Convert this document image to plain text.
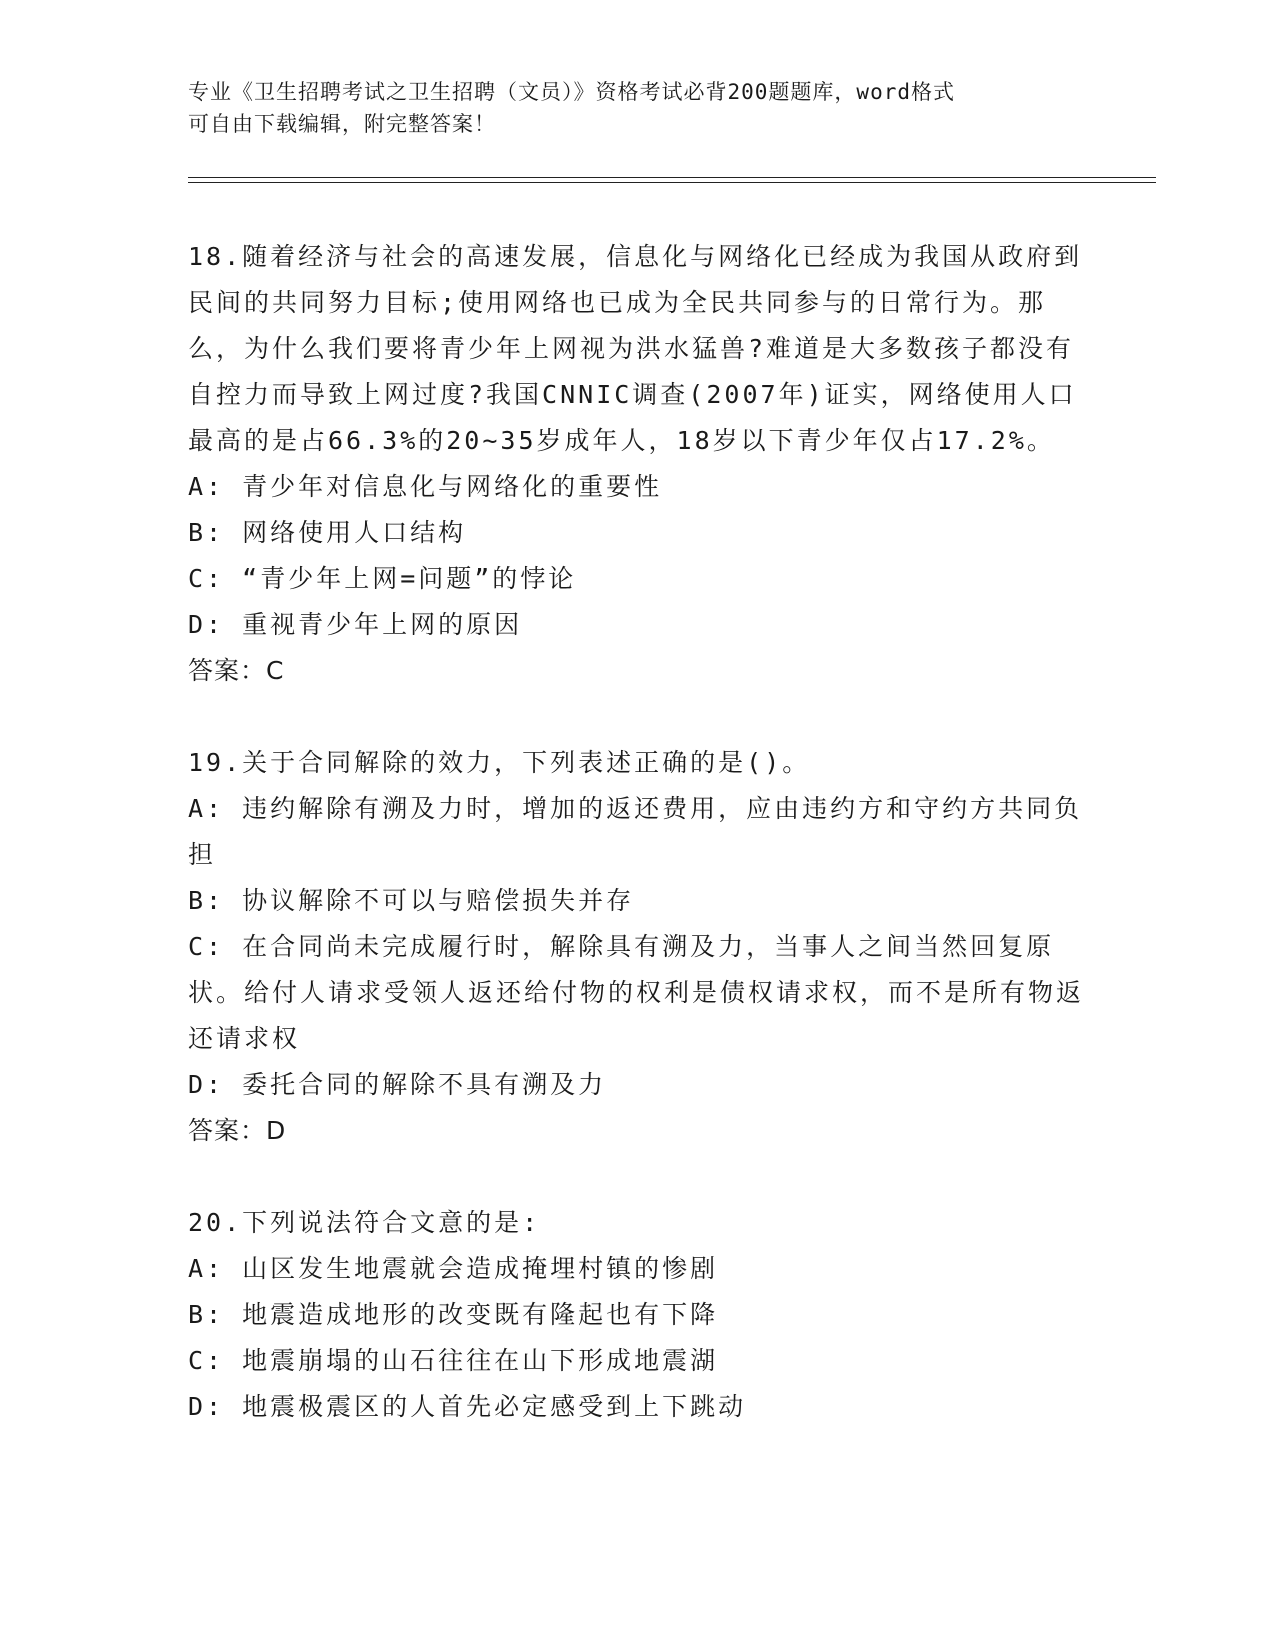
专业《卫生招聘考试之卫生招聘（文员）》资格考试必背200题题库，word格式
可自由下载编辑，附完整答案！

18.随着经济与社会的高速发展，信息化与网络化已经成为我国从政府到民间的共同努力目标;使用网络也已成为全民共同参与的日常行为。那么，为什么我们要将青少年上网视为洪水猛兽?难道是大多数孩子都没有自控力而导致上网过度?我国CNNIC调查(2007年)证实，网络使用人口最高的是占66.3%的20~35岁成年人，18岁以下青少年仅占17.2%。

A: 青少年对信息化与网络化的重要性

B: 网络使用人口结构

C: “青少年上网=问题”的悖论

D: 重视青少年上网的原因

答案：C

19.关于合同解除的效力，下列表述正确的是()。

A: 违约解除有溯及力时，增加的返还费用，应由违约方和守约方共同负担

B: 协议解除不可以与赔偿损失并存

C: 在合同尚未完成履行时，解除具有溯及力，当事人之间当然回复原状。给付人请求受领人返还给付物的权利是债权请求权，而不是所有物返还请求权

D: 委托合同的解除不具有溯及力

答案：D

20.下列说法符合文意的是:

A: 山区发生地震就会造成掩埋村镇的惨剧

B: 地震造成地形的改变既有隆起也有下降

C: 地震崩塌的山石往往在山下形成地震湖

D: 地震极震区的人首先必定感受到上下跳动
